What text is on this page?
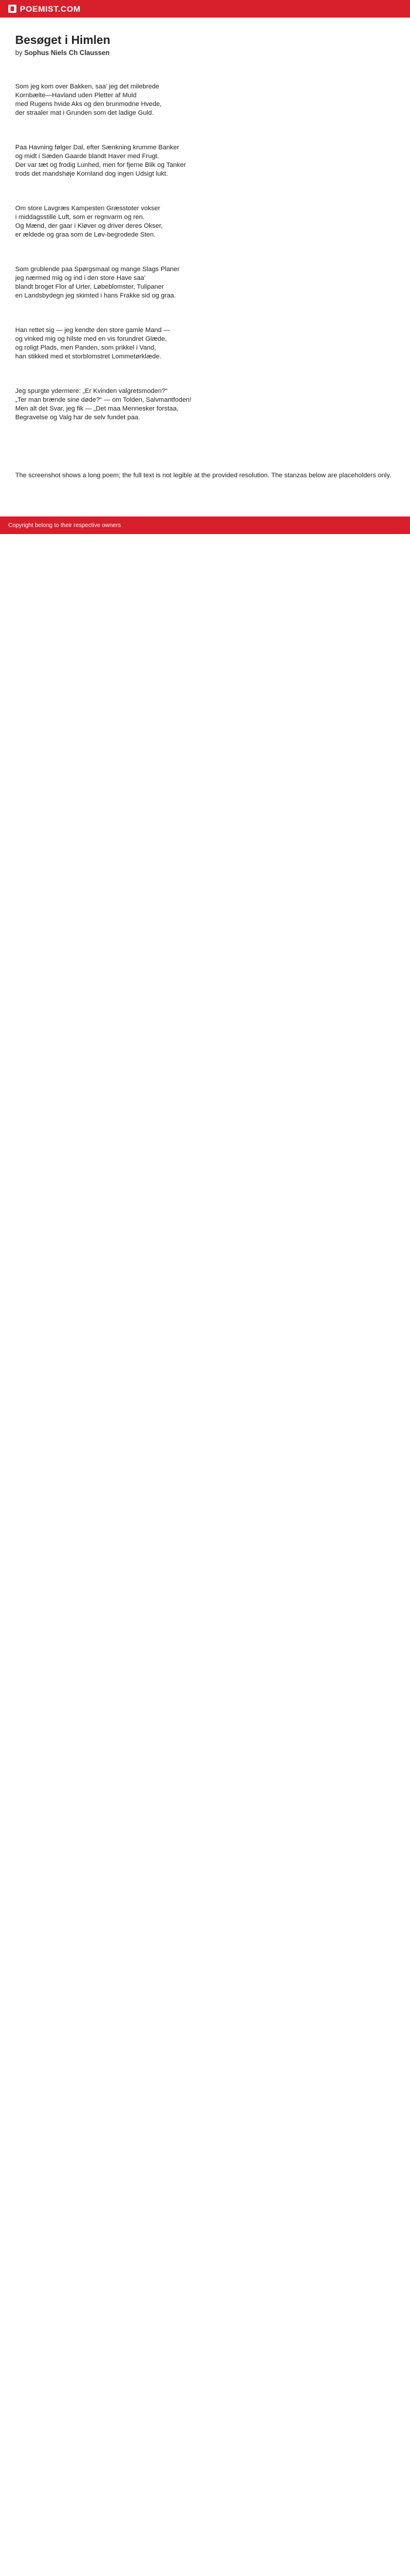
POEMIST.COM
Besøget i Himlen
by Sophus Niels Ch Claussen

Som jeg kom over Bakken, saa' jeg det milebrede
Kornbælte—Havland uden Pletter af Muld
med Rugens hvide Aks og den brunmodne Hvede,
der straaler mat i Grunden som det ladige Guld.

Paa Havning følger Dal, efter Sænkning krumme Banker
og midt i Sæden Gaarde blandt Haver med Frugt.
Der var tæt og frodig Lunhed, men for fjerne Blik og Tanker
trods det mandshøje Kornland dog ingen Udsigt lukt.

Om store Lavgræs Kampesten Græsstoter vokser
i middagsstille Luft, som er regnvarm og ren.
Og Mænd, der gaar i Kløver og driver deres Okser,
er ældede og graa som de Løv-begrodede Sten.

Som grublende paa Spørgsmaal og mange Slags Planer
jeg nærmed mig og ind i den store Have saa'
blandt broget Flor af Urter, Løbeblomster, Tulipaner
en Landsbydegn jeg skimted i hans Frakke sid og graa.

Han rettet sig — jeg kendte den store gamle Mand —
og vinked mig og hilste med en vis forundret Glæde,
og roligt Plads, men Panden, som prikkel i Vand,
han stikked med et storblomstret Lommetørklæde.

Jeg spurgte ydermere: „Er Kvinden valgretsmoden?“
„Ter man brænde sine døde?“ — om Tolden, Salvmantfoden!
Men alt det Svar, jeg fik — „Det maa Mennesker forstaa,
Begravelse og Valg har de selv fundet paa.

The screenshot shows a long poem; the full text is not legible at the provided resolution. The stanzas below are placeholders only.

Copyright belong to their respective owners
